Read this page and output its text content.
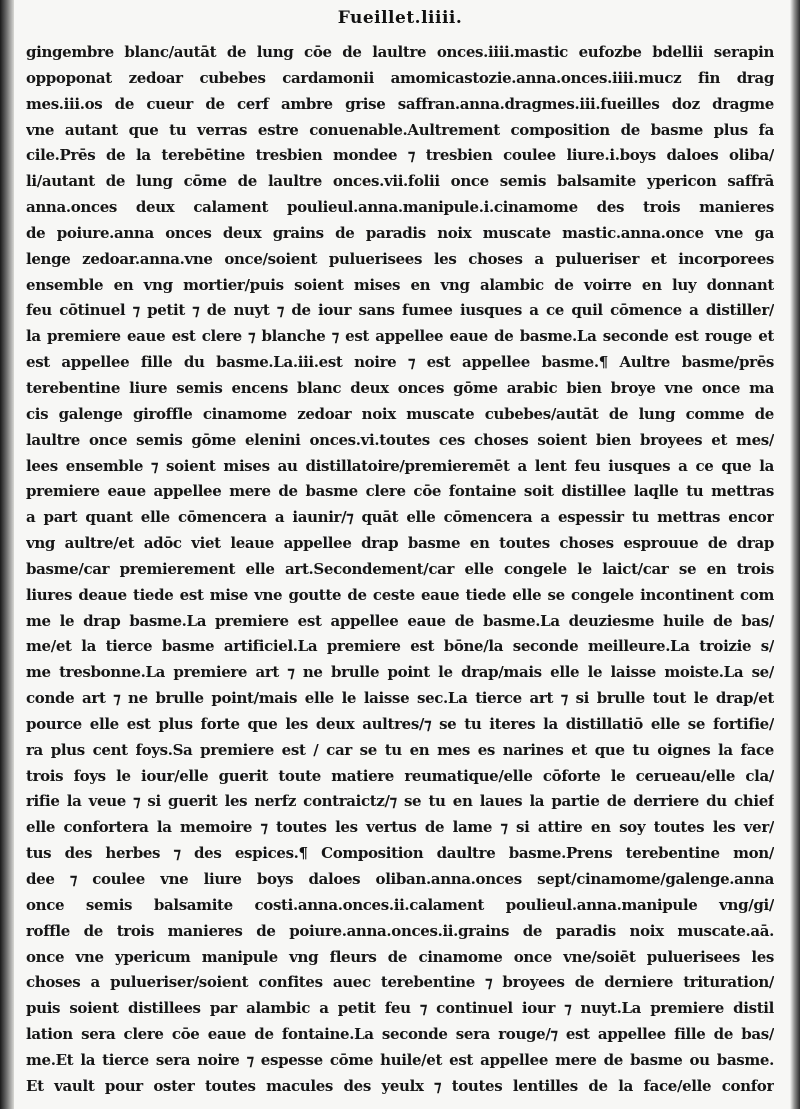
Fueillet.liiii.
gingembre blanc/autāt de lung cōe de laultre onces.iiii.mastic eufozbe bdellii serapin
oppoponat zedoar cubebes cardamonii amomicastozie.anna.onces.iiii.mucz fin drag
mes.iii.os de cueur de cerf ambre grise saffran.anna.dragmes.iii.fueilles doz dragme
vne autant que tu verras estre conuenable.Aultrement composition de basme plus fa
cile.Prēs de la terebētine tresbien mondee ⁊ tresbien coulee liure.i.boys daloes oliba/
li/autant de lung cōme de laultre onces.vii.folii once semis balsamite ypericon saffrā
anna.onces deux calament pouliеul.anna.manipule.i.cinamome des trois manieres
de poiure.anna onces deux grains de paradis noix muscate mastic.anna.once vne ga
lenge zedoar.anna.vne once/soient puluerisees les choses a puluеriser et incorporees
ensemble en vng mortier/puis soient mises en vng alambic de voirre en luy donnant
feu cōtinuel ⁊ petit ⁊ de nuyt ⁊ de iour sans fumee iusques a ce quil cōmence a distiller/
la premiere eaue est clere ⁊ blanche ⁊ est appellee eaue de basme.La seconde est rouge et
est appellee fille du basme.La.iii.est noire ⁊ est appellee basme.¶ Aultre basme/prēs
terebentine liure semis encens blanc deux onces gōme arabic bien broye vne once ma
cis galenge giroffle cinamome zedoar noix muscate cubebes/autāt de lung comme de
laultre once semis gōme elenini onces.vi.toutes ces choses soient bien broyees et mes/
lees ensemble ⁊ soient mises au distillatoire/premieremēt a lent feu iusques a ce que la
premiere eaue appellee mere de basme clere cōe fontaine soit distillee laqlle tu mettras
a part quant elle cōmencera a iaunir/⁊ quāt elle cōmencera a espessir tu mettras encor
vng aultre/et adōc viet leaue appellee drap basme en toutes choses esprouue de drap
basme/car premierement elle art.Secondement/car elle congele le laict/car se en trois
liures deaue tiede est mise vne goutte de ceste eaue tiede elle se congele incontinent com
me le drap basme.La premiere est appellee eaue de basme.La deuziesme huile de bas/
me/et la tierce basme artificiel.La premiere est bōne/la seconde meilleure.La troizie s/
me tresbonne.La premiere art ⁊ ne brulle point le drap/mais elle le laisse moiste.La se/
conde art ⁊ ne brulle point/mais elle le laisse sec.La tierce art ⁊ si brulle tout le drap/et
pource elle est plus forte que les deux aultres/⁊ se tu iteres la distillatiō elle se fortifie/
ra plus cent foys.Sa premiere est / car se tu en mes es narines et que tu oignes la face
trois foys le iour/elle guerit toute matiere reumatique/elle cōforte le cerueau/elle cla/
rifie la veue ⁊ si guerit les nerfz contraictz/⁊ se tu en laues la partie de derriere du chief
elle conforterа la memoire ⁊ toutes les vertus de lame ⁊ si attire en soy toutes les ver/
tus des herbes ⁊ des espices.¶ Composition daultre basme.Prens terebentine mon/
dee ⁊ coulee vne liure boys daloes oliban.anna.onces sept/cinamome/galenge.anna
once semis balsamite costi.anna.onces.ii.calament pouliеul.anna.manipule vng/gi/
roffle de trois manieres de poiure.anna.onces.ii.grains de paradis noix muscate.aā.
once vne ypericum manipule vng fleurs de cinamome once vne/soiēt puluerisees les
choses a puluеriser/soient confites auec terebentine ⁊ broyees de derniere trituration/
puis soient distillees par alambic a petit feu ⁊ continuel iour ⁊ nuyt.La premiere distil
lation sera clere cōe eaue de fontaine.La seconde sera rouge/⁊ est appellee fille de bas/
me.Et la tierce sera noire ⁊ espesse cōme huile/et est appellee mere de basme ou basme.
Et vault pour oster toutes macules des yeulx ⁊ toutes lentilles de la face/elle confor
